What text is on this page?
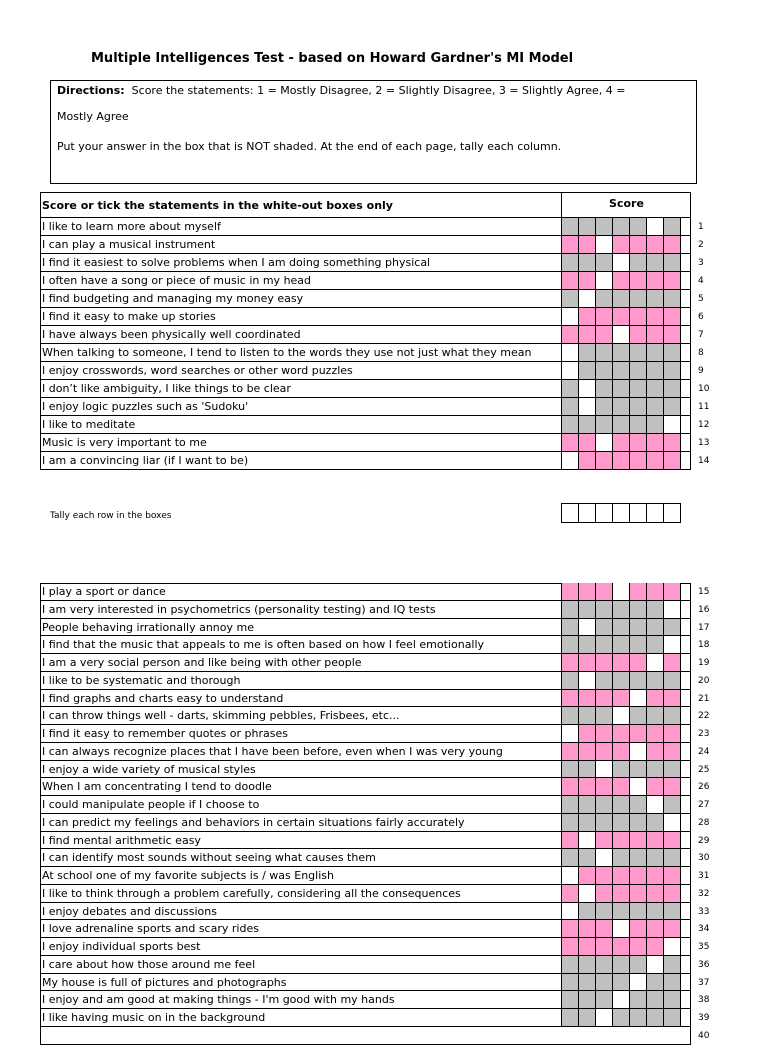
Multiple Intelligences Test - based on Howard Gardner's MI Model

Directions: Score the statements: 1 = Mostly Disagree, 2 = Slightly Disagree, 3 = Slightly Agree, 4 =

Mostly Agree

Put your answer in the box that is NOT shaded. At the end of each page, tally each column.

Score or tick the statements in the white-out boxes only	Score
I like to learn more about myself	1
I can play a musical instrument	2
I find it easiest to solve problems when I am doing something physical	3
I often have a song or piece of music in my head	4
I find budgeting and managing my money easy	5
I find it easy to make up stories	6
I have always been physically well coordinated	7
When talking to someone, I tend to listen to the words they use not just what they mean	8
I enjoy crosswords, word searches or other word puzzles	9
I don’t like ambiguity, I like things to be clear	10
I enjoy logic puzzles such as 'Sudoku'	11
I like to meditate	12
Music is very important to me	13
I am a convincing liar (if I want to be)	14
Tally each row in the boxes
I play a sport or dance	15
I am very interested in psychometrics (personality testing) and IQ tests	16
People behaving irrationally annoy me	17
I find that the music that appeals to me is often based on how I feel emotionally	18
I am a very social person and like being with other people	19
I like to be systematic and thorough	20
I find graphs and charts easy to understand	21
I can throw things well - darts, skimming pebbles, Frisbees, etc...	22
I find it easy to remember quotes or phrases	23
I can always recognize places that I have been before, even when I was very young	24
I enjoy a wide variety of musical styles	25
When I am concentrating I tend to doodle	26
I could manipulate people if I choose to	27
I can predict my feelings and behaviors in certain situations fairly accurately	28
I find mental arithmetic easy	29
I can identify most sounds without seeing what causes them	30
At school one of my favorite subjects is / was English	31
I like to think through a problem carefully, considering all the consequences	32
I enjoy debates and discussions	33
I love adrenaline sports and scary rides	34
I enjoy individual sports best	35
I care about how those around me feel	36
My house is full of pictures and photographs	37
I enjoy and am good at making things - I'm good with my hands	38
I like having music on in the background	39
40
